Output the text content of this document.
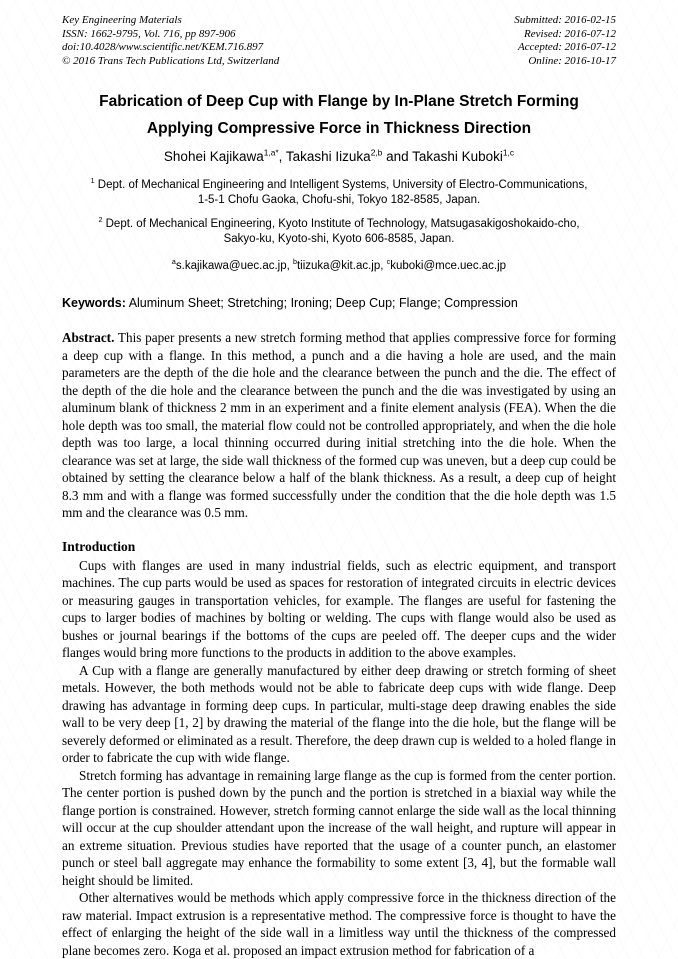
Key Engineering Materials
ISSN: 1662-9795, Vol. 716, pp 897-906
doi:10.4028/www.scientific.net/KEM.716.897
© 2016 Trans Tech Publications Ltd, Switzerland
Submitted: 2016-02-15
Revised: 2016-07-12
Accepted: 2016-07-12
Online: 2016-10-17
Fabrication of Deep Cup with Flange by In-Plane Stretch Forming
Applying Compressive Force in Thickness Direction
Shohei Kajikawa$^{1,a*}$, Takashi Iizuka$^{2,b}$ and Takashi Kuboki$^{1,c}$
$^1$ Dept. of Mechanical Engineering and Intelligent Systems, University of Electro-Communications,
1-5-1 Chofu Gaoka, Chofu-shi, Tokyo 182-8585, Japan.
$^2$ Dept. of Mechanical Engineering, Kyoto Institute of Technology, Matsugasakigoshokaido-cho,
Sakyo-ku, Kyoto-shi, Kyoto 606-8585, Japan.
$^a$s.kajikawa@uec.ac.jp, $^b$tiizuka@kit.ac.jp, $^c$kuboki@mce.uec.ac.jp
Keywords: Aluminum Sheet; Stretching; Ironing; Deep Cup; Flange; Compression

Abstract. This paper presents a new stretch forming method that applies compressive force for forming a deep cup with a flange. In this method, a punch and a die having a hole are used, and the main parameters are the depth of the die hole and the clearance between the punch and the die. The effect of the depth of the die hole and the clearance between the punch and the die was investigated by using an aluminum blank of thickness 2 mm in an experiment and a finite element analysis (FEA). When the die hole depth was too small, the material flow could not be controlled appropriately, and when the die hole depth was too large, a local thinning occurred during initial stretching into the die hole. When the clearance was set at large, the side wall thickness of the formed cup was uneven, but a deep cup could be obtained by setting the clearance below a half of the blank thickness. As a result, a deep cup of height 8.3 mm and with a flange was formed successfully under the condition that the die hole depth was 1.5 mm and the clearance was 0.5 mm.

Introduction

Cups with flanges are used in many industrial fields, such as electric equipment, and transport machines. The cup parts would be used as spaces for restoration of integrated circuits in electric devices or measuring gauges in transportation vehicles, for example. The flanges are useful for fastening the cups to larger bodies of machines by bolting or welding. The cups with flange would also be used as bushes or journal bearings if the bottoms of the cups are peeled off. The deeper cups and the wider flanges would bring more functions to the products in addition to the above examples.

A Cup with a flange are generally manufactured by either deep drawing or stretch forming of sheet metals. However, the both methods would not be able to fabricate deep cups with wide flange. Deep drawing has advantage in forming deep cups. In particular, multi-stage deep drawing enables the side wall to be very deep [1, 2] by drawing the material of the flange into the die hole, but the flange will be severely deformed or eliminated as a result. Therefore, the deep drawn cup is welded to a holed flange in order to fabricate the cup with wide flange.

Stretch forming has advantage in remaining large flange as the cup is formed from the center portion. The center portion is pushed down by the punch and the portion is stretched in a biaxial way while the flange portion is constrained. However, stretch forming cannot enlarge the side wall as the local thinning will occur at the cup shoulder attendant upon the increase of the wall height, and rupture will appear in an extreme situation. Previous studies have reported that the usage of a counter punch, an elastomer punch or steel ball aggregate may enhance the formability to some extent [3, 4], but the formable wall height should be limited.

Other alternatives would be methods which apply compressive force in the thickness direction of the raw material. Impact extrusion is a representative method. The compressive force is thought to have the effect of enlarging the height of the side wall in a limitless way until the thickness of the compressed plane becomes zero. Koga et al. proposed an impact extrusion method for fabrication of a
